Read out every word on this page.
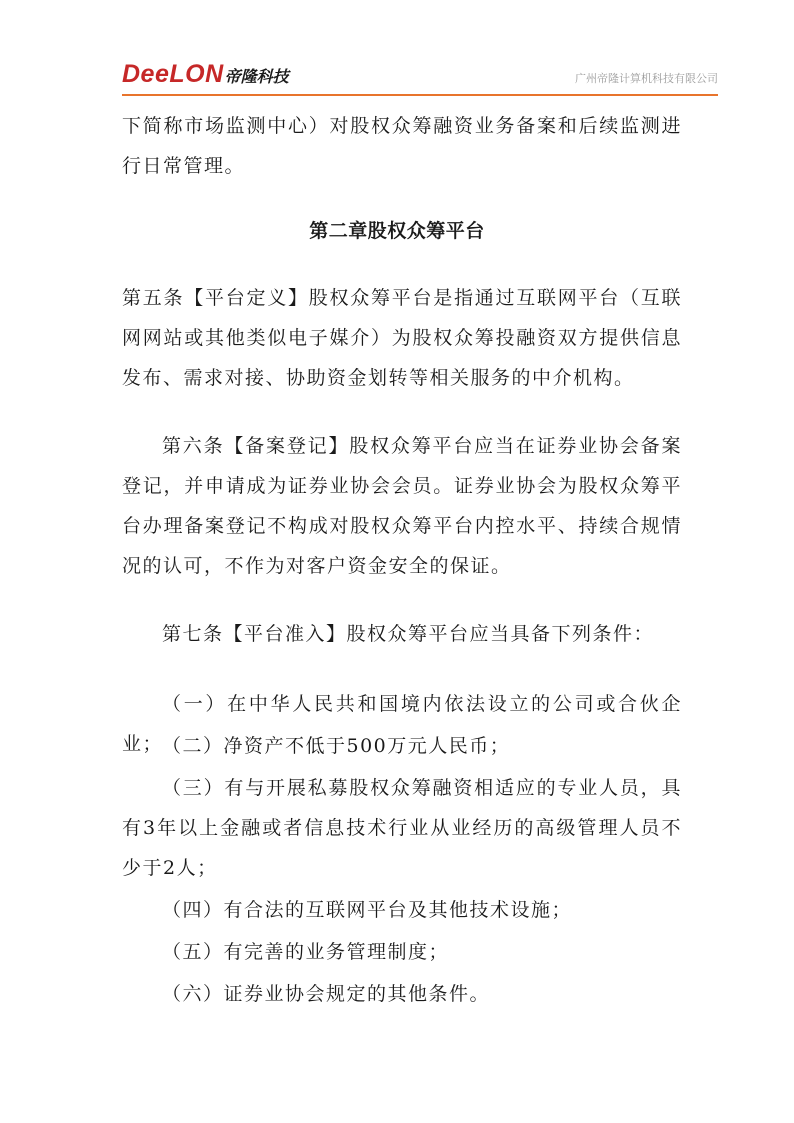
DeeLON 帝隆科技	广州帝隆计算机科技有限公司

下简称市场监测中心）对股权众筹融资业务备案和后续监测进行日常管理。

第二章股权众筹平台

第五条【平台定义】股权众筹平台是指通过互联网平台（互联网网站或其他类似电子媒介）为股权众筹投融资双方提供信息发布、需求对接、协助资金划转等相关服务的中介机构。

第六条【备案登记】股权众筹平台应当在证券业协会备案登记，并申请成为证券业协会会员。证券业协会为股权众筹平台办理备案登记不构成对股权众筹平台内控水平、持续合规情况的认可，不作为对客户资金安全的保证。

第七条【平台准入】股权众筹平台应当具备下列条件：

（一）在中华人民共和国境内依法设立的公司或合伙企业；

（二）净资产不低于500万元人民币；

（三）有与开展私募股权众筹融资相适应的专业人员，具有3年以上金融或者信息技术行业从业经历的高级管理人员不少于2人；

（四）有合法的互联网平台及其他技术设施；

（五）有完善的业务管理制度；

（六）证券业协会规定的其他条件。
